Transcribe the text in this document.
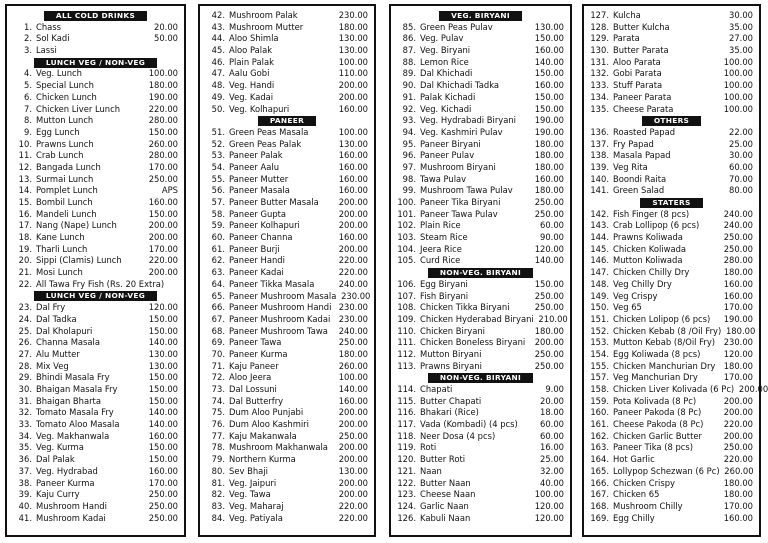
ALL COLD DRINKS
1. Chass	20.00
2. Sol Kadi	50.00
3. Lassi
LUNCH VEG / NON-VEG
4. Veg. Lunch	100.00
5. Special Lunch	180.00
6. Chicken Lunch	190.00
7. Chicken Liver Lunch	220.00
8. Mutton Lunch	280.00
9. Egg Lunch	150.00
10. Prawns Lunch	260.00
11. Crab Lunch	280.00
12. Bangada Lunch	170.00
13. Surmai Lunch	250.00
14. Pomplet Lunch	APS
15. Bombil Lunch	160.00
16. Mandeli Lunch	150.00
17. Nang (Nape) Lunch	200.00
18. Kane Lunch	200.00
19. Tharli Lunch	170.00
20. Sippi (Clamis) Lunch	220.00
21. Mosi Lunch	200.00
22. All Tawa Fry Fish (Rs. 20 Extra)
LUNCH VEG / NON-VEG
23. Dal Fry	120.00
24. Dal Tadka	150.00
25. Dal Kholapuri	150.00
26. Channa Masala	140.00
27. Alu Mutter	130.00
28. Mix Veg	130.00
29. Bhindi Masala Fry	150.00
30. Bhaigan Masala Fry	150.00
31. Bhaigan Bharta	150.00
32. Tomato Masala Fry	140.00
33. Tomato Aloo Masala	140.00
34. Veg. Makhanwala	160.00
35. Veg. Kurma	150.00
36. Dal Palak	150.00
37. Veg. Hydrabad	160.00
38. Paneer Kurma	170.00
39. Kaju Curry	250.00
40. Mushroom Handi	250.00
41. Mushroom Kadai	250.00
42. Mushroom Palak	230.00
43. Mushroom Mutter	180.00
44. Aloo Shimla	130.00
45. Aloo Palak	130.00
46. Plain Palak	100.00
47. Aalu Gobi	110.00
48. Veg. Handi	200.00
49. Veg. Kadai	200.00
50. Veg. Kolhapuri	160.00
PANEER
51. Green Peas Masala	100.00
52. Green Peas Palak	130.00
53. Paneer Palak	160.00
54. Paneer Aalu	160.00
55. Paneer Mutter	160.00
56. Paneer Masala	160.00
57. Paneer Butter Masala	200.00
58. Paneer Gupta	200.00
59. Paneer Kolhapuri	200.00
60. Paneer Channa	160.00
61. Paneer Burji	200.00
62. Paneer Handi	220.00
63. Paneer Kadai	220.00
64. Paneer Tikka Masala	240.00
65. Paneer Mushroom Masala 230.00
66. Paneer Mushroom Handi 230.00
67. Paneer Mushroom Kadai 230.00
68. Paneer Mushroom Tawa	240.00
69. Paneer Tawa	250.00
70. Paneer Kurma	180.00
71. Kaju Paneer	260.00
72. Aloo Jeera	100.00
73. Dal Lossuni	140.00
74. Dal Butterfry	160.00
75. Dum Aloo Punjabi	200.00
76. Dum Aloo Kashmiri	200.00
77. Kaju Makanwala	250.00
78. Mushroom Makhanwala	200.00
79. Northern Kurma	200.00
80. Sev Bhaji	130.00
81. Veg. Jaipuri	200.00
82. Veg. Tawa	200.00
83. Veg. Maharaj	220.00
84. Veg. Patiyala	220.00
VEG. BIRYANI
85. Green Peas Pulav	130.00
86. Veg. Pulav	150.00
87. Veg. Biryani	160.00
88. Lemon Rice	140.00
89. Dal Khichadi	150.00
90. Dal Khichadi Tadka	160.00
91. Palak Kichadi	150.00
92. Veg. Kichadi	150.00
93. Veg. Hydrabadi Biryani	190.00
94. Veg. Kashmiri Pulav	190.00
95. Paneer Biryani	180.00
96. Paneer Pulav	180.00
97. Mushroom Biryani	180.00
98. Tawa Pulav	160.00
99. Mushroom Tawa Pulav	180.00
100. Paneer Tika Biryani	250.00
101. Paneer Tawa Pulav	250.00
102. Plain Rice	60.00
103. Steam Rice	90.00
104. Jeera Rice	120.00
105. Curd Rice	140.00
NON-VEG. BIRYANI
106. Egg Biryani	150.00
107. Fish Biryani	250.00
108. Chicken Tikka Biryani	250.00
109. Chicken Hyderabad Biryani 210.00
110. Chicken Biryani	180.00
111. Chicken Boneless Biryani	200.00
112. Mutton Biryani	250.00
113. Prawns Biryani	250.00
NON-VEG. BIRYANI
114. Chapati	9.00
115. Butter Chapati	20.00
116. Bhakari (Rice)	18.00
117. Vada (Kombadi) (4 pcs)	60.00
118. Neer Dosa (4 pcs)	60.00
119. Roti	16.00
120. Butter Roti	25.00
121. Naan	32.00
122. Butter Naan	40.00
123. Cheese Naan	100.00
124. Garlic Naan	120.00
126. Kabuli Naan	120.00
127. Kulcha	30.00
128. Butter Kulcha	35.00
129. Parata	27.00
130. Butter Parata	35.00
131. Aloo Parata	100.00
132. Gobi Parata	100.00
133. Stuff Parata	100.00
134. Paneer Parata	100.00
135. Cheese Parata	100.00
OTHERS
136. Roasted Papad	22.00
137. Fry Papad	25.00
138. Masala Papad	30.00
139. Veg Rita	60.00
140. Boondi Raita	70.00
141. Green Salad	80.00
STATERS
142. Fish Finger (8 pcs)	240.00
143. Crab Lollipop (6 pcs)	240.00
144. Prawns Koliwada	250.00
145. Chicken Koliwada	250.00
146. Mutton Koliwada	280.00
147. Chicken Chilly Dry	180.00
148. Veg Chilly Dry	160.00
149. Veg Crispy	160.00
150. Veg 65	170.00
151. Chicken Lolipop (6 pcs)	190.00
152. Chicken Kebab (8 /Oil Fry) 180.00
153. Mutton Kebab (8/Oil Fry)	230.00
154. Egg Koliwada (8 pcs)	120.00
155. Chicken Manchurian Dry 180.00
157. Veg Manchurian Dry	170.00
158. Chicken Liver Kolivada (6 Pc) 200.00
159. Pota Kolivada (8 Pc)	200.00
160. Paneer Pakoda (8 Pc)	200.00
161. Cheese Pakoda (8 Pc)	220.00
162. Chicken Garlic Butter	200.00
163. Paneer Tika (8 pcs)	250.00
164. Hot Garlic	220.00
165. Lollypop Schezwan (6 Pc) 260.00
166. Chicken Crispy	180.00
167. Chicken 65	180.00
168. Mushroom Chilly	170.00
169. Egg Chilly	160.00
